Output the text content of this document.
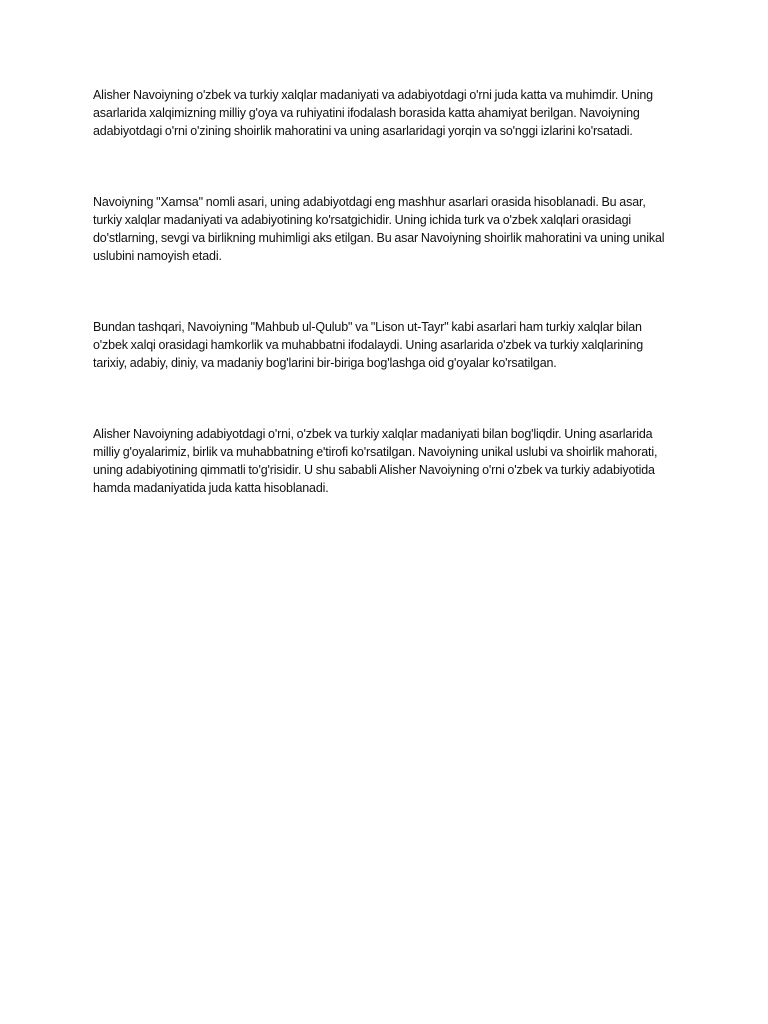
Alisher Navoiyning o'zbek va turkiy xalqlar madaniyati va adabiyotdagi o'rni juda katta va muhimdir. Uning asarlarida xalqimizning milliy g'oya va ruhiyatini ifodalash borasida katta ahamiyat berilgan. Navoiyning adabiyotdagi o'rni o'zining shoirlik mahoratini va uning asarlaridagi yorqin va so'nggi izlarini ko'rsatadi.

Navoiyning "Xamsa" nomli asari, uning adabiyotdagi eng mashhur asarlari orasida hisoblanadi. Bu asar, turkiy xalqlar madaniyati va adabiyotining ko'rsatgichidir. Uning ichida turk va o'zbek xalqlari orasidagi do'stlarning, sevgi va birlikning muhimligi aks etilgan. Bu asar Navoiyning shoirlik mahoratini va uning unikal uslubini namoyish etadi.

Bundan tashqari, Navoiyning "Mahbub ul-Qulub" va "Lison ut-Tayr" kabi asarlari ham turkiy xalqlar bilan o'zbek xalqi orasidagi hamkorlik va muhabbatni ifodalaydi. Uning asarlarida o'zbek va turkiy xalqlarining tarixiy, adabiy, diniy, va madaniy bog'larini bir-biriga bog'lashga oid g'oyalar ko'rsatilgan.

Alisher Navoiyning adabiyotdagi o'rni, o'zbek va turkiy xalqlar madaniyati bilan bog'liqdir. Uning asarlarida milliy g'oyalarimiz, birlik va muhabbatning e'tirofi ko'rsatilgan. Navoiyning unikal uslubi va shoirlik mahorati, uning adabiyotining qimmatli to'g'risidir. U shu sababli Alisher Navoiyning o'rni o'zbek va turkiy adabiyotida hamda madaniyatida juda katta hisoblanadi.
